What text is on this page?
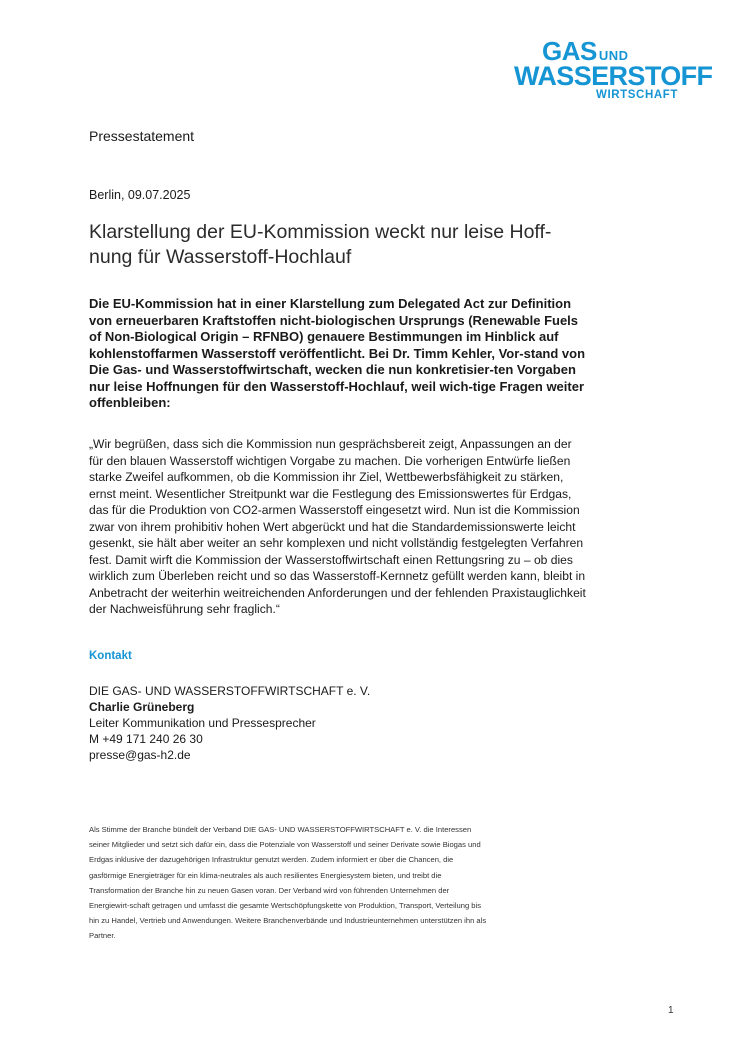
GAS UND
WASSERSTOFF
WIRTSCHAFT
Pressestatement
Berlin, 09.07.2025
Klarstellung der EU-Kommission weckt nur leise Hoff-nung für Wasserstoff-Hochlauf

Die EU-Kommission hat in einer Klarstellung zum Delegated Act zur Definition von erneuerbaren Kraftstoffen nicht-biologischen Ursprungs (Renewable Fuels of Non-Biological Origin – RFNBO) genauere Bestimmungen im Hinblick auf kohlenstoffarmen Wasserstoff veröffentlicht. Bei Dr. Timm Kehler, Vor-stand von Die Gas- und Wasserstoffwirtschaft, wecken die nun konkretisier-ten Vorgaben nur leise Hoffnungen für den Wasserstoff-Hochlauf, weil wich-tige Fragen weiter offenbleiben:

„Wir begrüßen, dass sich die Kommission nun gesprächsbereit zeigt, Anpassungen an der für den blauen Wasserstoff wichtigen Vorgabe zu machen. Die vorherigen Entwürfe ließen starke Zweifel aufkommen, ob die Kommission ihr Ziel, Wettbewerbsfähigkeit zu stärken, ernst meint. Wesentlicher Streitpunkt war die Festlegung des Emissionswertes für Erdgas, das für die Produktion von CO2-armen Wasserstoff eingesetzt wird. Nun ist die Kommission zwar von ihrem prohibitiv hohen Wert abgerückt und hat die Standardemissionswerte leicht gesenkt, sie hält aber weiter an sehr komplexen und nicht vollständig festgelegten Verfahren fest. Damit wirft die Kommission der Wasserstoffwirtschaft einen Rettungsring zu – ob dies wirklich zum Überleben reicht und so das Wasserstoff-Kernnetz gefüllt werden kann, bleibt in Anbetracht der weiterhin weitreichenden Anforderungen und der fehlenden Praxistauglichkeit der Nachweisführung sehr fraglich.“

Kontakt
DIE GAS- UND WASSERSTOFFWIRTSCHAFT e. V.
Charlie Grüneberg
Leiter Kommunikation und Pressesprecher
M +49 171 240 26 30
presse@gas-h2.de

Als Stimme der Branche bündelt der Verband DIE GAS- UND WASSERSTOFFWIRTSCHAFT e. V. die Interessen seiner Mitglieder und setzt sich dafür ein, dass die Potenziale von Wasserstoff und seiner Derivate sowie Biogas und Erdgas inklusive der dazugehörigen Infrastruktur genutzt werden. Zudem informiert er über die Chancen, die gasförmige Energieträger für ein klima-neutrales als auch resilientes Energiesystem bieten, und treibt die Transformation der Branche hin zu neuen Gasen voran. Der Verband wird von führenden Unternehmen der Energiewirt-schaft getragen und umfasst die gesamte Wertschöpfungskette von Produktion, Transport, Verteilung bis hin zu Handel, Vertrieb und Anwendungen. Weitere Branchenverbände und Industrieunternehmen unterstützen ihn als Partner.

1
